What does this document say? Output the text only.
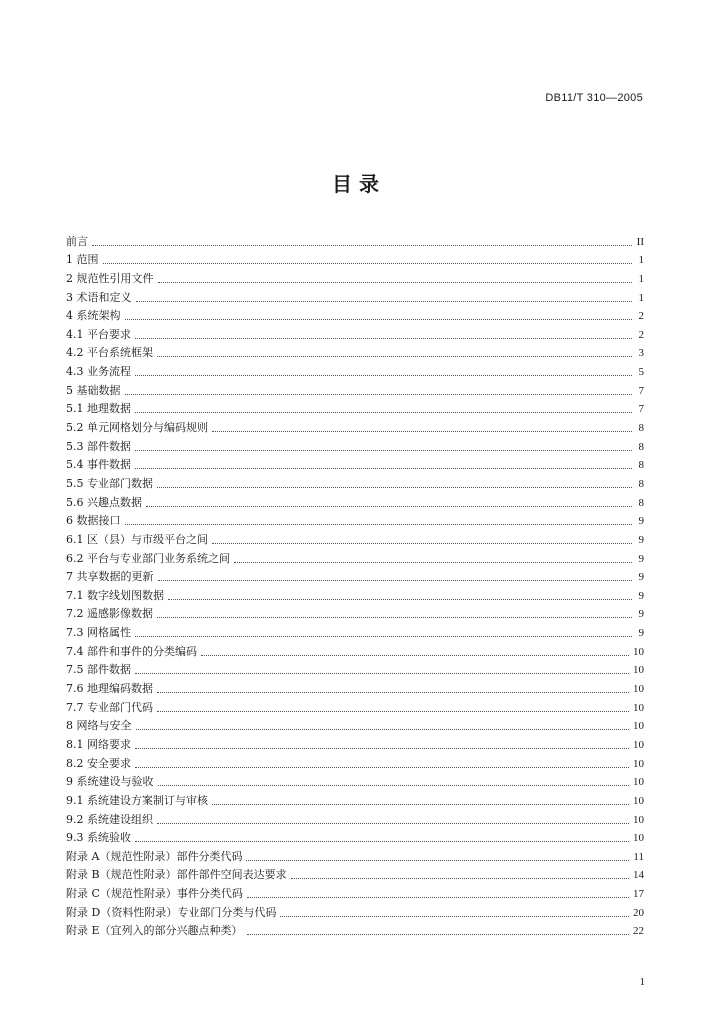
DB11/T 310—2005
目 录
前言	II
1 范围	1
2 规范性引用文件	1
3 术语和定义	1
4 系统架构	2
4.1 平台要求	2
4.2 平台系统框架	3
4.3 业务流程	5
5 基础数据	7
5.1 地理数据	7
5.2 单元网格划分与编码规则	8
5.3 部件数据	8
5.4 事件数据	8
5.5 专业部门数据	8
5.6 兴趣点数据	8
6 数据接口	9
6.1 区（县）与市级平台之间	9
6.2 平台与专业部门业务系统之间	9
7 共享数据的更新	9
7.1 数字线划图数据	9
7.2 遥感影像数据	9
7.3 网格属性	9
7.4 部件和事件的分类编码	10
7.5 部件数据	10
7.6 地理编码数据	10
7.7 专业部门代码	10
8 网络与安全	10
8.1 网络要求	10
8.2 安全要求	10
9 系统建设与验收	10
9.1 系统建设方案制订与审核	10
9.2 系统建设组织	10
9.3 系统验收	10
附录 A（规范性附录）部件分类代码	11
附录 B（规范性附录）部件部件空间表达要求	14
附录 C（规范性附录）事件分类代码	17
附录 D（资料性附录）专业部门分类与代码	20
附录 E（宜列入的部分兴趣点种类）	22
1
